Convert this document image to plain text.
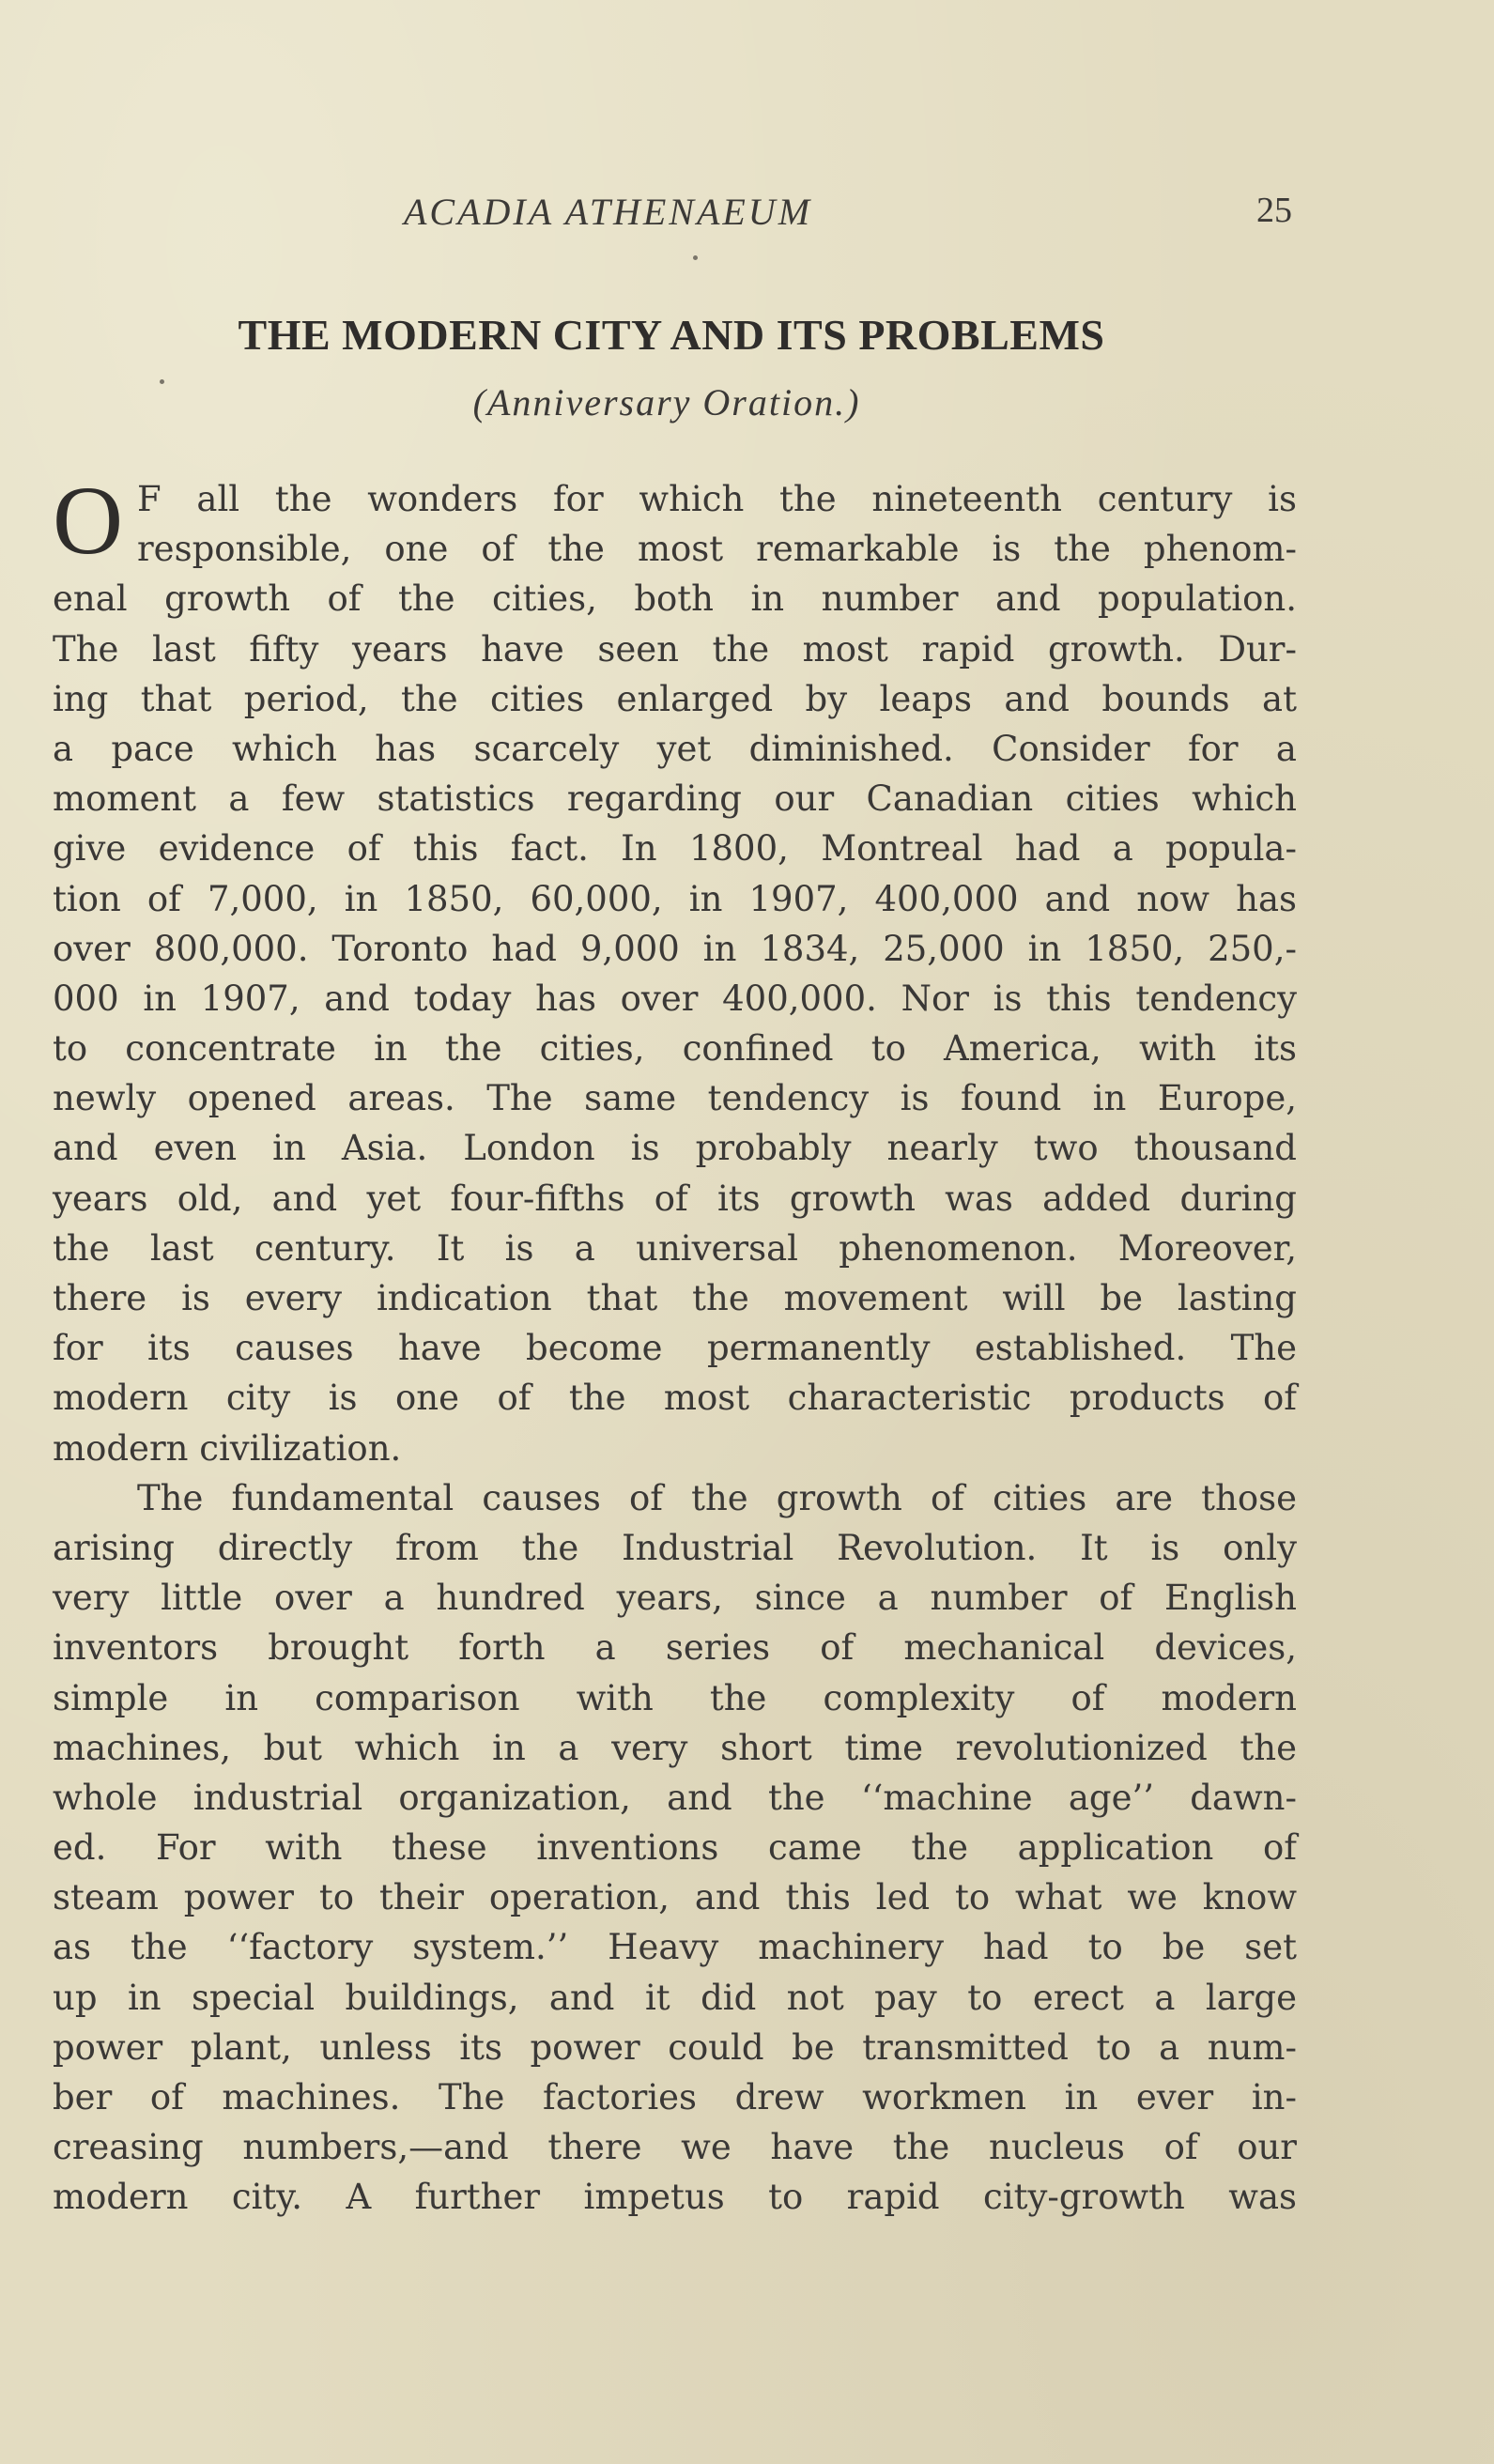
ACADIA ATHENAEUM	25
THE MODERN CITY AND ITS PROBLEMS
(Anniversary Oration.)
O F all the wonders for which the nineteenth century is
responsible, one of the most remarkable is the phenom-
enal growth of the cities, both in number and population.
The last fifty years have seen the most rapid growth. Dur-
ing that period, the cities enlarged by leaps and bounds at
a pace which has scarcely yet diminished. Consider for a
moment a few statistics regarding our Canadian cities which
give evidence of this fact. In 1800, Montreal had a popula-
tion of 7,000, in 1850, 60,000, in 1907, 400,000 and now has
over 800,000. Toronto had 9,000 in 1834, 25,000 in 1850, 250,-
000 in 1907, and today has over 400,000. Nor is this tendency
to concentrate in the cities, confined to America, with its
newly opened areas. The same tendency is found in Europe,
and even in Asia. London is probably nearly two thousand
years old, and yet four-fifths of its growth was added during
the last century. It is a universal phenomenon. Moreover,
there is every indication that the movement will be lasting
for its causes have become permanently established. The
modern city is one of the most characteristic products of
modern civilization.
The fundamental causes of the growth of cities are those
arising directly from the Industrial Revolution. It is only
very little over a hundred years, since a number of English
inventors brought forth a series of mechanical devices,
simple in comparison with the complexity of modern
machines, but which in a very short time revolutionized the
whole industrial organization, and the ‘‘machine age’’ dawn-
ed. For with these inventions came the application of
steam power to their operation, and this led to what we know
as the ‘‘factory system.’’ Heavy machinery had to be set
up in special buildings, and it did not pay to erect a large
power plant, unless its power could be transmitted to a num-
ber of machines. The factories drew workmen in ever in-
creasing numbers,—and there we have the nucleus of our
modern city. A further impetus to rapid city-growth was
